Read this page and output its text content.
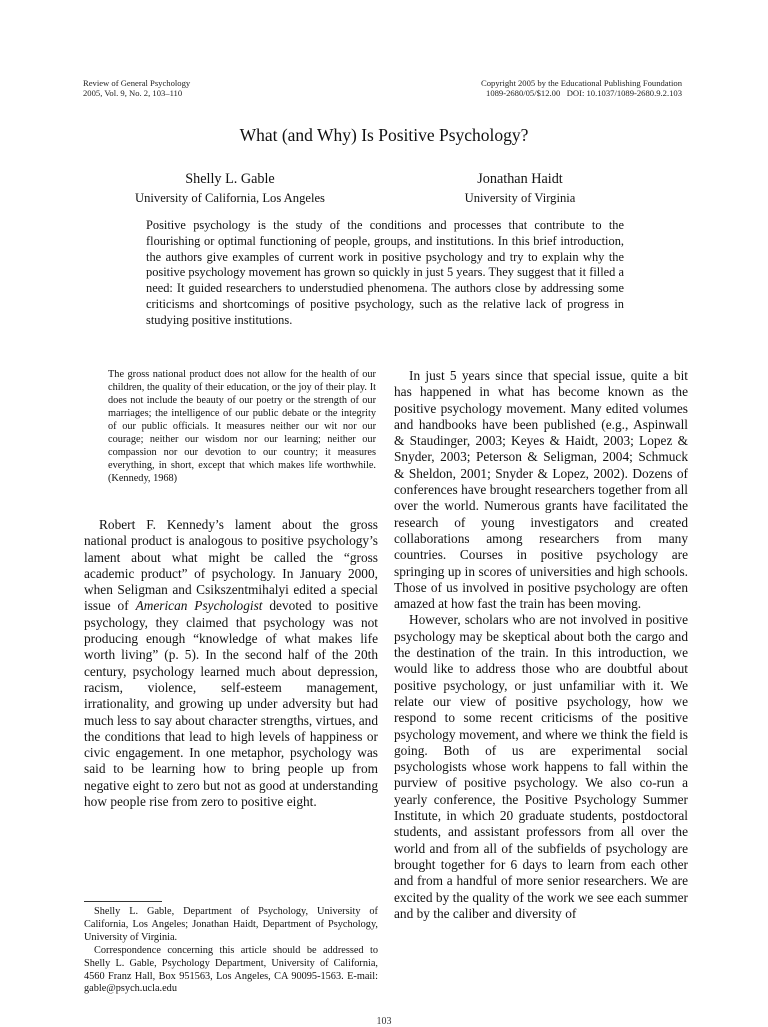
Review of General Psychology
2005, Vol. 9, No. 2, 103–110
Copyright 2005 by the Educational Publishing Foundation
1089-2680/05/$12.00   DOI: 10.1037/1089-2680.9.2.103
What (and Why) Is Positive Psychology?
Shelly L. Gable
University of California, Los Angeles
Jonathan Haidt
University of Virginia
Positive psychology is the study of the conditions and processes that contribute to the flourishing or optimal functioning of people, groups, and institutions. In this brief introduction, the authors give examples of current work in positive psychology and try to explain why the positive psychology movement has grown so quickly in just 5 years. They suggest that it filled a need: It guided researchers to understudied phenomena. The authors close by addressing some criticisms and shortcomings of positive psychology, such as the relative lack of progress in studying positive institutions.
The gross national product does not allow for the health of our children, the quality of their education, or the joy of their play. It does not include the beauty of our poetry or the strength of our marriages; the intelligence of our public debate or the integrity of our public officials. It measures neither our wit nor our courage; neither our wisdom nor our learning; neither our compassion nor our devotion to our country; it measures everything, in short, except that which makes life worthwhile. (Kennedy, 1968)

Robert F. Kennedy’s lament about the gross national product is analogous to positive psychology’s lament about what might be called the “gross academic product” of psychology. In January 2000, when Seligman and Csikszentmihalyi edited a special issue of American Psychologist devoted to positive psychology, they claimed that psychology was not producing enough “knowledge of what makes life worth living” (p. 5). In the second half of the 20th century, psychology learned much about depression, racism, violence, self-esteem management, irrationality, and growing up under adversity but had much less to say about character strengths, virtues, and the conditions that lead to high levels of happiness or civic engagement. In one metaphor, psychology was said to be learning how to bring people up from negative eight to zero but not as good at understanding how people rise from zero to positive eight.

In just 5 years since that special issue, quite a bit has happened in what has become known as the positive psychology movement. Many edited volumes and handbooks have been published (e.g., Aspinwall & Staudinger, 2003; Keyes & Haidt, 2003; Lopez & Snyder, 2003; Peterson & Seligman, 2004; Schmuck & Sheldon, 2001; Snyder & Lopez, 2002). Dozens of conferences have brought researchers together from all over the world. Numerous grants have facilitated the research of young investigators and created collaborations among researchers from many countries. Courses in positive psychology are springing up in scores of universities and high schools. Those of us involved in positive psychology are often amazed at how fast the train has been moving.

However, scholars who are not involved in positive psychology may be skeptical about both the cargo and the destination of the train. In this introduction, we would like to address those who are doubtful about positive psychology, or just unfamiliar with it. We relate our view of positive psychology, how we respond to some recent criticisms of the positive psychology movement, and where we think the field is going. Both of us are experimental social psychologists whose work happens to fall within the purview of positive psychology. We also co-run a yearly conference, the Positive Psychology Summer Institute, in which 20 graduate students, postdoctoral students, and assistant professors from all over the world and from all of the subfields of psychology are brought together for 6 days to learn from each other and from a handful of more senior researchers. We are excited by the quality of the work we see each summer and by the caliber and diversity of

Shelly L. Gable, Department of Psychology, University of California, Los Angeles; Jonathan Haidt, Department of Psychology, University of Virginia.

Correspondence concerning this article should be addressed to Shelly L. Gable, Psychology Department, University of California, 4560 Franz Hall, Box 951563, Los Angeles, CA 90095-1563. E-mail: gable@psych.ucla.edu

103
